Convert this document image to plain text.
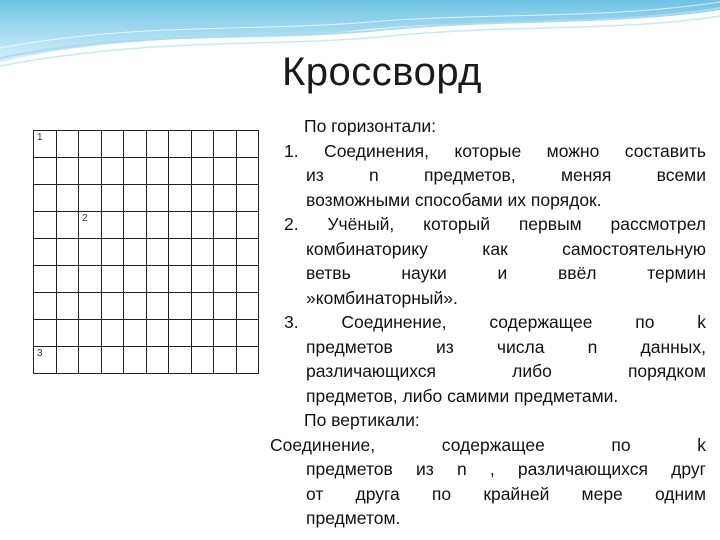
Кроссворд
1									

		2							

3									

По горизонтали:
1. Соединения, которые можно составить
из n предметов, меняя всеми
возможными способами их порядок.
2. Учёный, который первым рассмотрел
комбинаторику как самостоятельную
ветвь науки и ввёл термин
»комбинаторный».
3. Соединение, содержащее по k
предметов из числа n данных,
различающихся либо порядком
предметов, либо самими предметами.
По вертикали:
Соединение, содержащее по k
предметов из n , различающихся друг
от друга по крайней мере одним
предметом.
